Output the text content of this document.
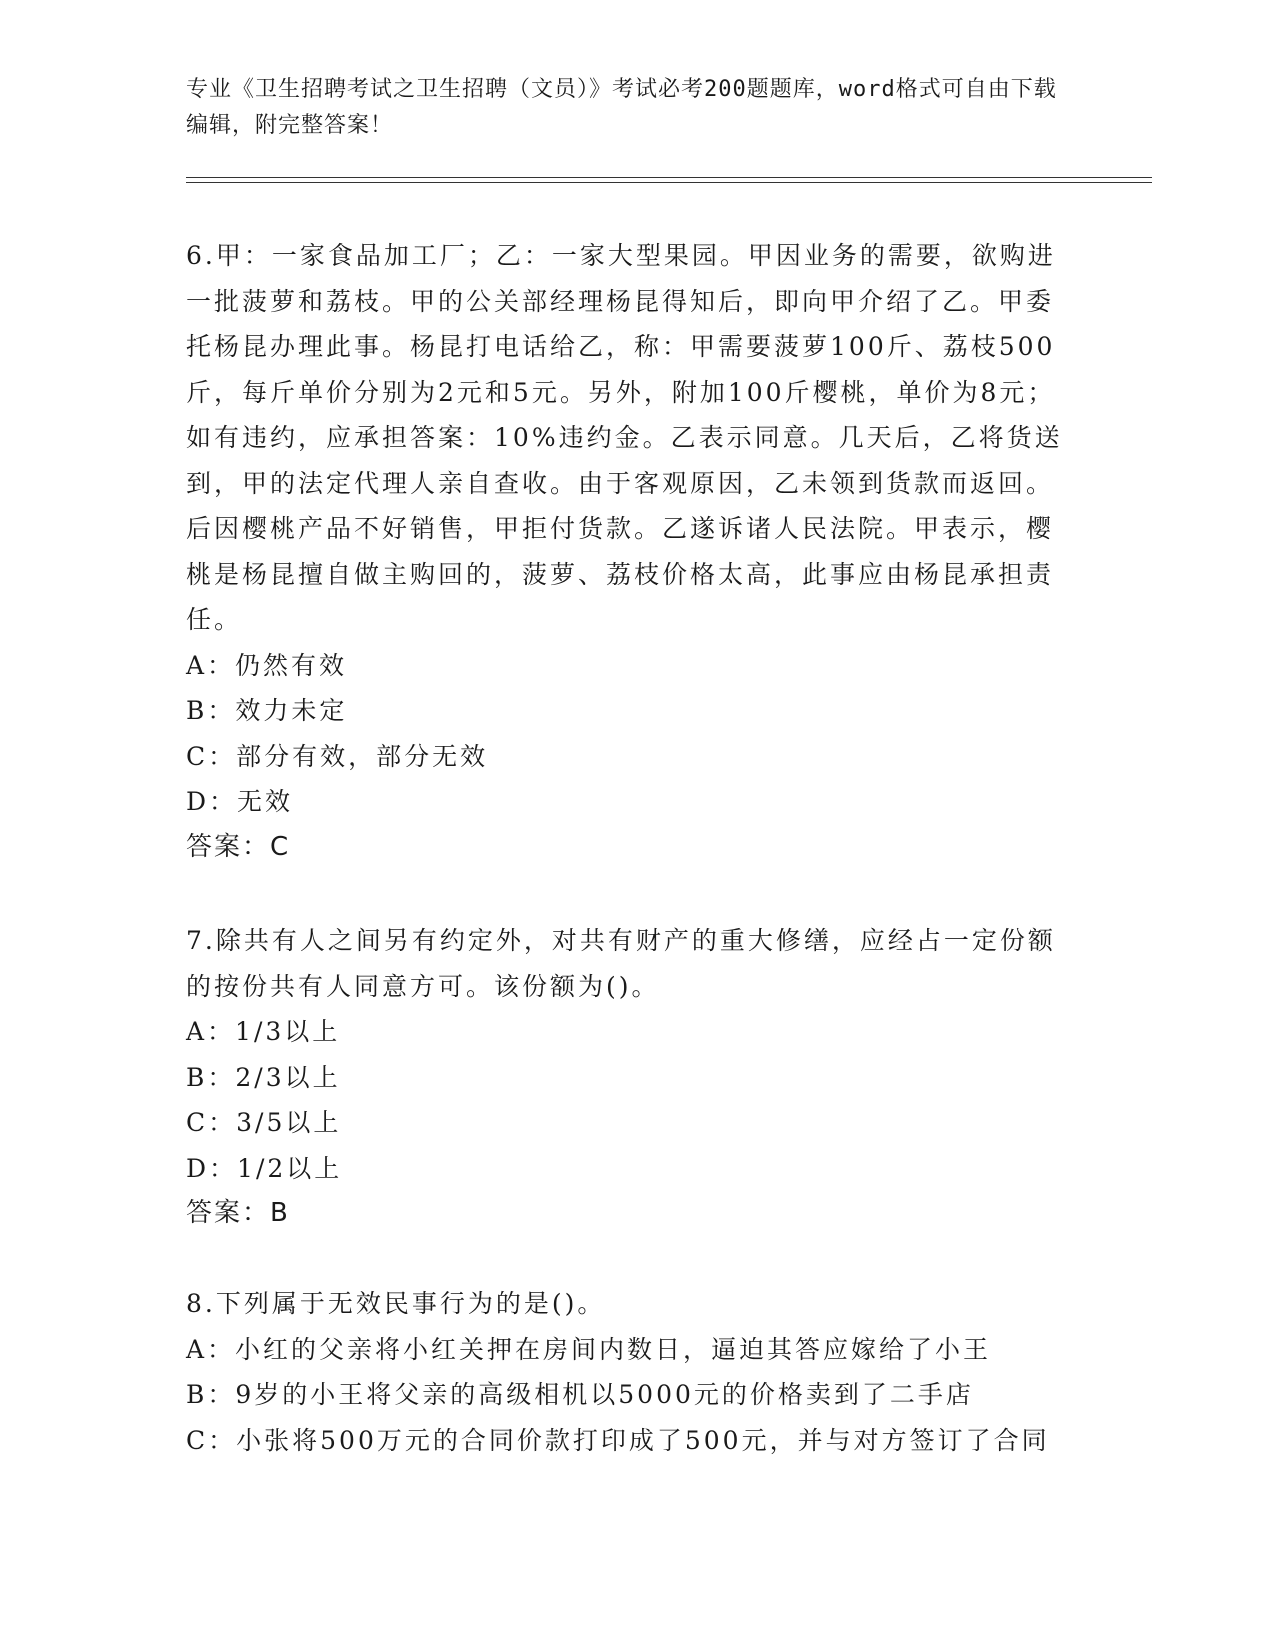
专业《卫生招聘考试之卫生招聘（文员）》考试必考200题题库，word格式可自由下载编辑，附完整答案！

6.甲：一家食品加工厂；乙：一家大型果园。甲因业务的需要，欲购进一批菠萝和荔枝。甲的公关部经理杨昆得知后，即向甲介绍了乙。甲委托杨昆办理此事。杨昆打电话给乙，称：甲需要菠萝100斤、荔枝500斤，每斤单价分别为2元和5元。另外，附加100斤樱桃，单价为8元；如有违约，应承担答案：10%违约金。乙表示同意。几天后，乙将货送到，甲的法定代理人亲自查收。由于客观原因，乙未领到货款而返回。后因樱桃产品不好销售，甲拒付货款。乙遂诉诸人民法院。甲表示，樱桃是杨昆擅自做主购回的，菠萝、荔枝价格太高，此事应由杨昆承担责任。

A：仍然有效

B：效力未定

C：部分有效，部分无效

D：无效

答案：C

7.除共有人之间另有约定外，对共有财产的重大修缮，应经占一定份额的按份共有人同意方可。该份额为()。

A：1/3以上

B：2/3以上

C：3/5以上

D：1/2以上

答案：B

8.下列属于无效民事行为的是()。

A：小红的父亲将小红关押在房间内数日，逼迫其答应嫁给了小王

B：9岁的小王将父亲的高级相机以5000元的价格卖到了二手店

C：小张将500万元的合同价款打印成了500元，并与对方签订了合同
